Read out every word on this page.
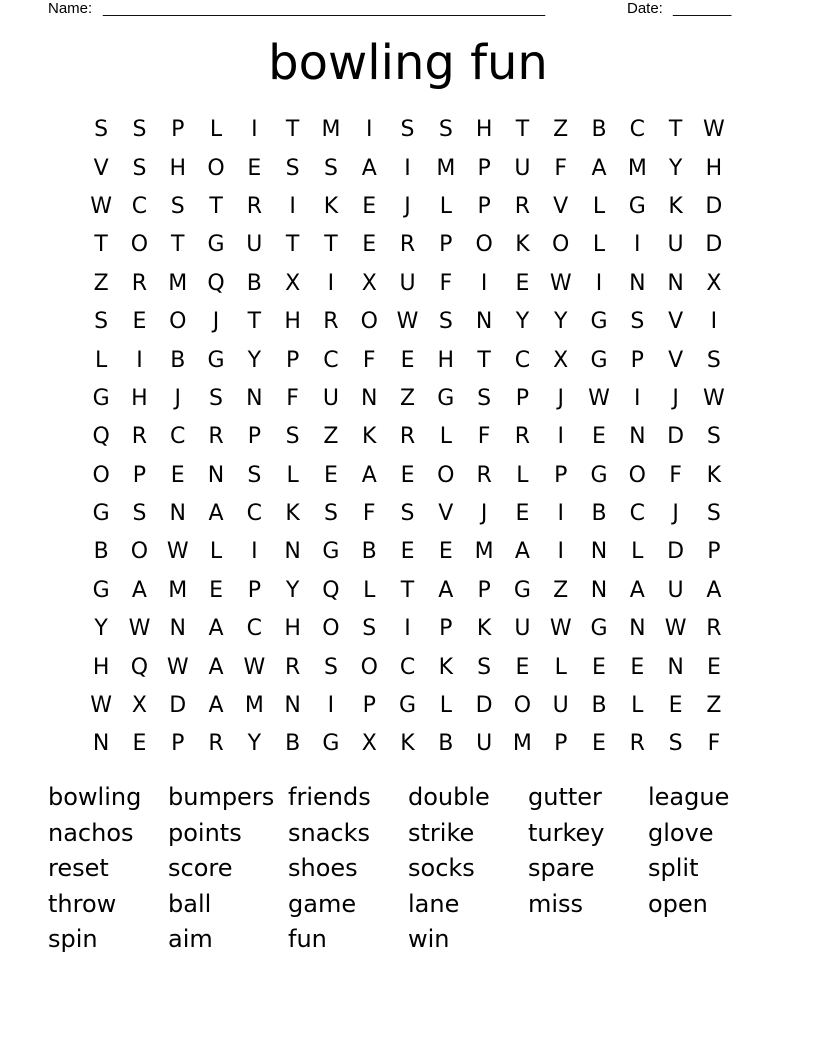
Name: _____________________________________________________	Date: _______
bowling fun
S	S	P	L	I	T	M	I	S	S	H	T	Z	B	C	T W
V	S	H O	E	S	S	A	I	M	P	U	F	A M	Y	H
W C	S	T	R	I	K	E	J	L	P	R	V	L	G	K	D
T	O	T	G U	T	T	E	R	P	O	K	O	L	I	U D
Z	R M Q	B	X	I	X	U	F	I	E W	I	N N	X
S	E	O	J	T	H	R O W S	N	Y	Y	G	S	V	I
L	I	B	G	Y	P	C	F	E	H	T	C	X	G	P	V	S
G H	J	S	N	F	U	N	Z	G	S	P	J	W	I	J	W
Q R	C	R	P	S	Z	K	R	L	F	R	I	E	N D	S
O	P	E	N	S	L	E	A	E	O R	L	P	G O	F	K
G	S	N	A	C	K	S	F	S	V	J	E	I	B	C	J	S
B	O W L	I	N G	B	E	E M A	I	N	L	D	P
G	A M E	P	Y	Q	L	T	A	P	G	Z	N	A	U	A
Y W N	A	C	H O	S	I	P	K	U W G N W R
H Q W A W R	S	O C	K	S	E	L	E	E	N	E
W X	D	A M N	I	P	G	L	D O U	B	L	E	Z
N	E	P	R	Y	B	G	X	K	B	U M	P	E	R	S	F
bowling	bumpers friends	double	gutter	league
nachos	points	snacks	strike	turkey	glove
reset	score	shoes	socks	spare	split
throw	ball	game	lane	miss	open
spin	aim	fun	win
